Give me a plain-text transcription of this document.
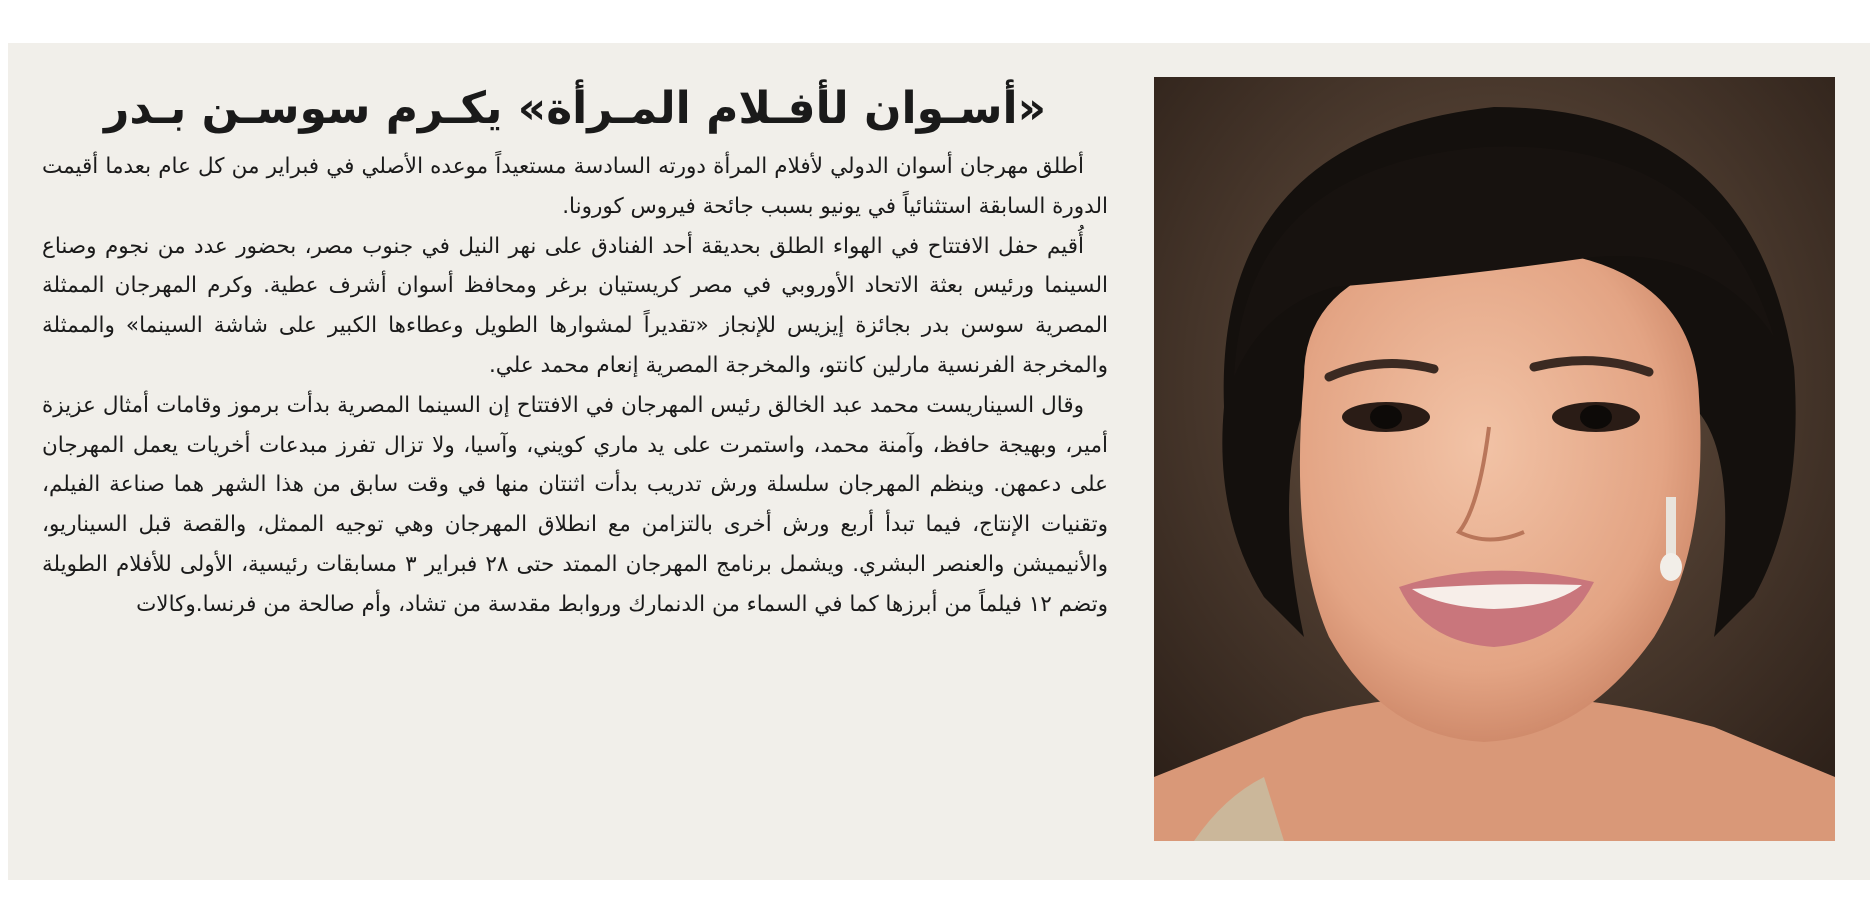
«أسـوان لأفـلام المـرأة» يكـرم سوسـن بـدر

أطلق مهرجان أسوان الدولي لأفلام المرأة دورته السادسة مستعيداً موعده الأصلي في فبراير من كل عام بعدما أقيمت الدورة السابقة استثنائياً في يونيو بسبب جائحة فيروس كورونا.

أُقيم حفل الافتتاح في الهواء الطلق بحديقة أحد الفنادق على نهر النيل في جنوب مصر، بحضور عدد من نجوم وصناع السينما ورئيس بعثة الاتحاد الأوروبي في مصر كريستيان برغر ومحافظ أسوان أشرف عطية. وكرم المهرجان الممثلة المصرية سوسن بدر بجائزة إيزيس للإنجاز «تقديراً لمشوارها الطويل وعطاءها الكبير على شاشة السينما» والممثلة والمخرجة الفرنسية مارلين كانتو، والمخرجة المصرية إنعام محمد علي.

وقال السيناريست محمد عبد الخالق رئيس المهرجان في الافتتاح إن السينما المصرية بدأت برموز وقامات أمثال عزيزة أمير، وبهيجة حافظ، وآمنة محمد، واستمرت على يد ماري كويني، وآسيا، ولا تزال تفرز مبدعات أخريات يعمل المهرجان على دعمهن. وينظم المهرجان سلسلة ورش تدريب بدأت اثنتان منها في وقت سابق من هذا الشهر هما صناعة الفيلم، وتقنيات الإنتاج، فيما تبدأ أربع ورش أخرى بالتزامن مع انطلاق المهرجان وهي توجيه الممثل، والقصة قبل السيناريو، والأنيميشن والعنصر البشري. ويشمل برنامج المهرجان الممتد حتى ٢٨ فبراير ٣ مسابقات رئيسية، الأولى للأفلام الطويلة وتضم ١٢ فيلماً من أبرزها كما في السماء من الدنمارك وروابط مقدسة من تشاد، وأم صالحة من فرنسا.وكالات
